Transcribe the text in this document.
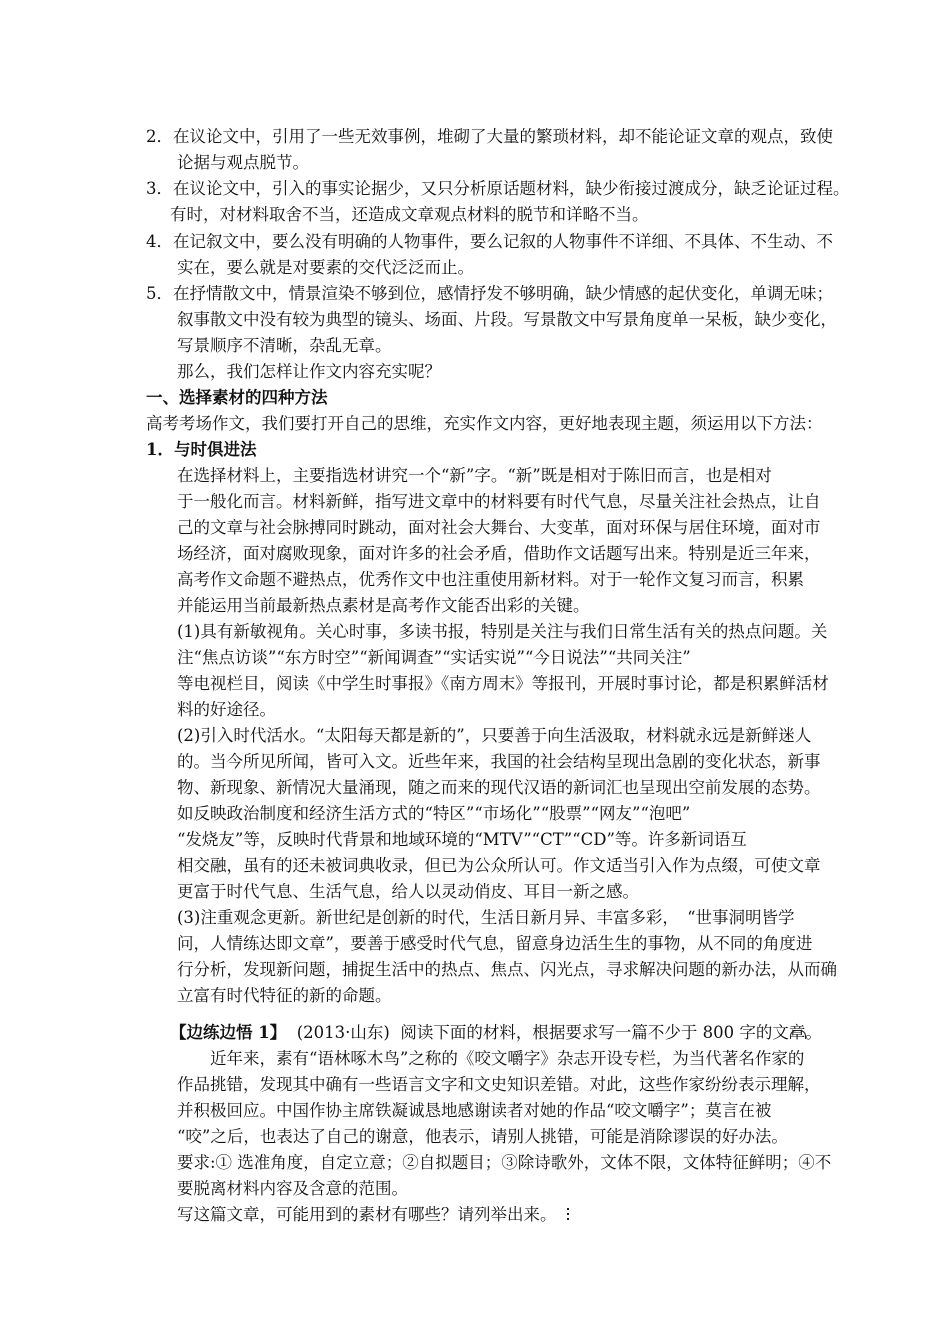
2．在议论文中，引用了一些无效事例，堆砌了大量的繁琐材料，却不能论证文章的观点，致使
论据与观点脱节。
3．在议论文中，引入的事实论据少，又只分析原话题材料，缺少衔接过渡成分，缺乏论证过程。
有时，对材料取舍不当，还造成文章观点材料的脱节和详略不当。
4．在记叙文中，要么没有明确的人物事件，要么记叙的人物事件不详细、不具体、不生动、不
实在，要么就是对要素的交代泛泛而止。
5．在抒情散文中，情景渲染不够到位，感情抒发不够明确，缺少情感的起伏变化，单调无味；
叙事散文中没有较为典型的镜头、场面、片段。写景散文中写景角度单一呆板，缺少变化，
写景顺序不清晰，杂乱无章。
那么，我们怎样让作文内容充实呢？
一、选择素材的四种方法
高考考场作文，我们要打开自己的思维，充实作文内容，更好地表现主题，须运用以下方法：
1．与时俱进法
在选择材料上，主要指选材讲究一个“新”字。“新”既是相对于陈旧而言，也是相对
于一般化而言。材料新鲜，指写进文章中的材料要有时代气息，尽量关注社会热点，让自
己的文章与社会脉搏同时跳动，面对社会大舞台、大变革，面对环保与居住环境，面对市
场经济，面对腐败现象，面对许多的社会矛盾，借助作文话题写出来。特别是近三年来，
高考作文命题不避热点，优秀作文中也注重使用新材料。对于一轮作文复习而言，积累
并能运用当前最新热点素材是高考作文能否出彩的关键。
(1)具有新敏视角。关心时事，多读书报，特别是关注与我们日常生活有关的热点问题。关
注“焦点访谈”“东方时空”“新闻调查”“实话实说”“今日说法”“共同关注”
等电视栏目，阅读《中学生时事报》《南方周末》等报刊，开展时事讨论，都是积累鲜活材
料的好途径。
(2)引入时代活水。“太阳每天都是新的”，只要善于向生活汲取，材料就永远是新鲜迷人
的。当今所见所闻，皆可入文。近些年来，我国的社会结构呈现出急剧的变化状态，新事
物、新现象、新情况大量涌现，随之而来的现代汉语的新词汇也呈现出空前发展的态势。
如反映政治制度和经济生活方式的“特区”“市场化”“股票”“网友”“泡吧”
“发烧友”等，反映时代背景和地域环境的“MTV”“CT”“CD”等。许多新词语互
相交融，虽有的还未被词典收录，但已为公众所认可。作文适当引入作为点缀，可使文章
更富于时代气息、生活气息，给人以灵动俏皮、耳目一新之感。
(3)注重观念更新。新世纪是创新的时代，生活日新月异、丰富多彩，　“世事洞明皆学
问，人情练达即文章”，要善于感受时代气息，留意身边活生生的事物，从不同的角度进
行分析，发现新问题，捕捉生活中的热点、焦点、闪光点，寻求解决问题的新办法，从而确
立富有时代特征的新的命题。
【边练边悟 1】 (2013·山东) 阅读下面的材料，根据要求写一篇不少于 800 字的文章。
近年来，素有“语林啄木鸟”之称的《咬文嚼字》杂志开设专栏，为当代著名作家的
作品挑错，发现其中确有一些语言文字和文史知识差错。对此，这些作家纷纷表示理解，
并积极回应。中国作协主席铁凝诚恳地感谢读者对她的作品“咬文嚼字”；莫言在被
“咬”之后，也表达了自己的谢意，他表示，请别人挑错，可能是消除谬误的好办法。
要求:① 选准角度，自定立意；②自拟题目；③除诗歌外，文体不限，文体特征鲜明；④不
要脱离材料内容及含意的范围。
写这篇文章，可能用到的素材有哪些？请列举出来。
